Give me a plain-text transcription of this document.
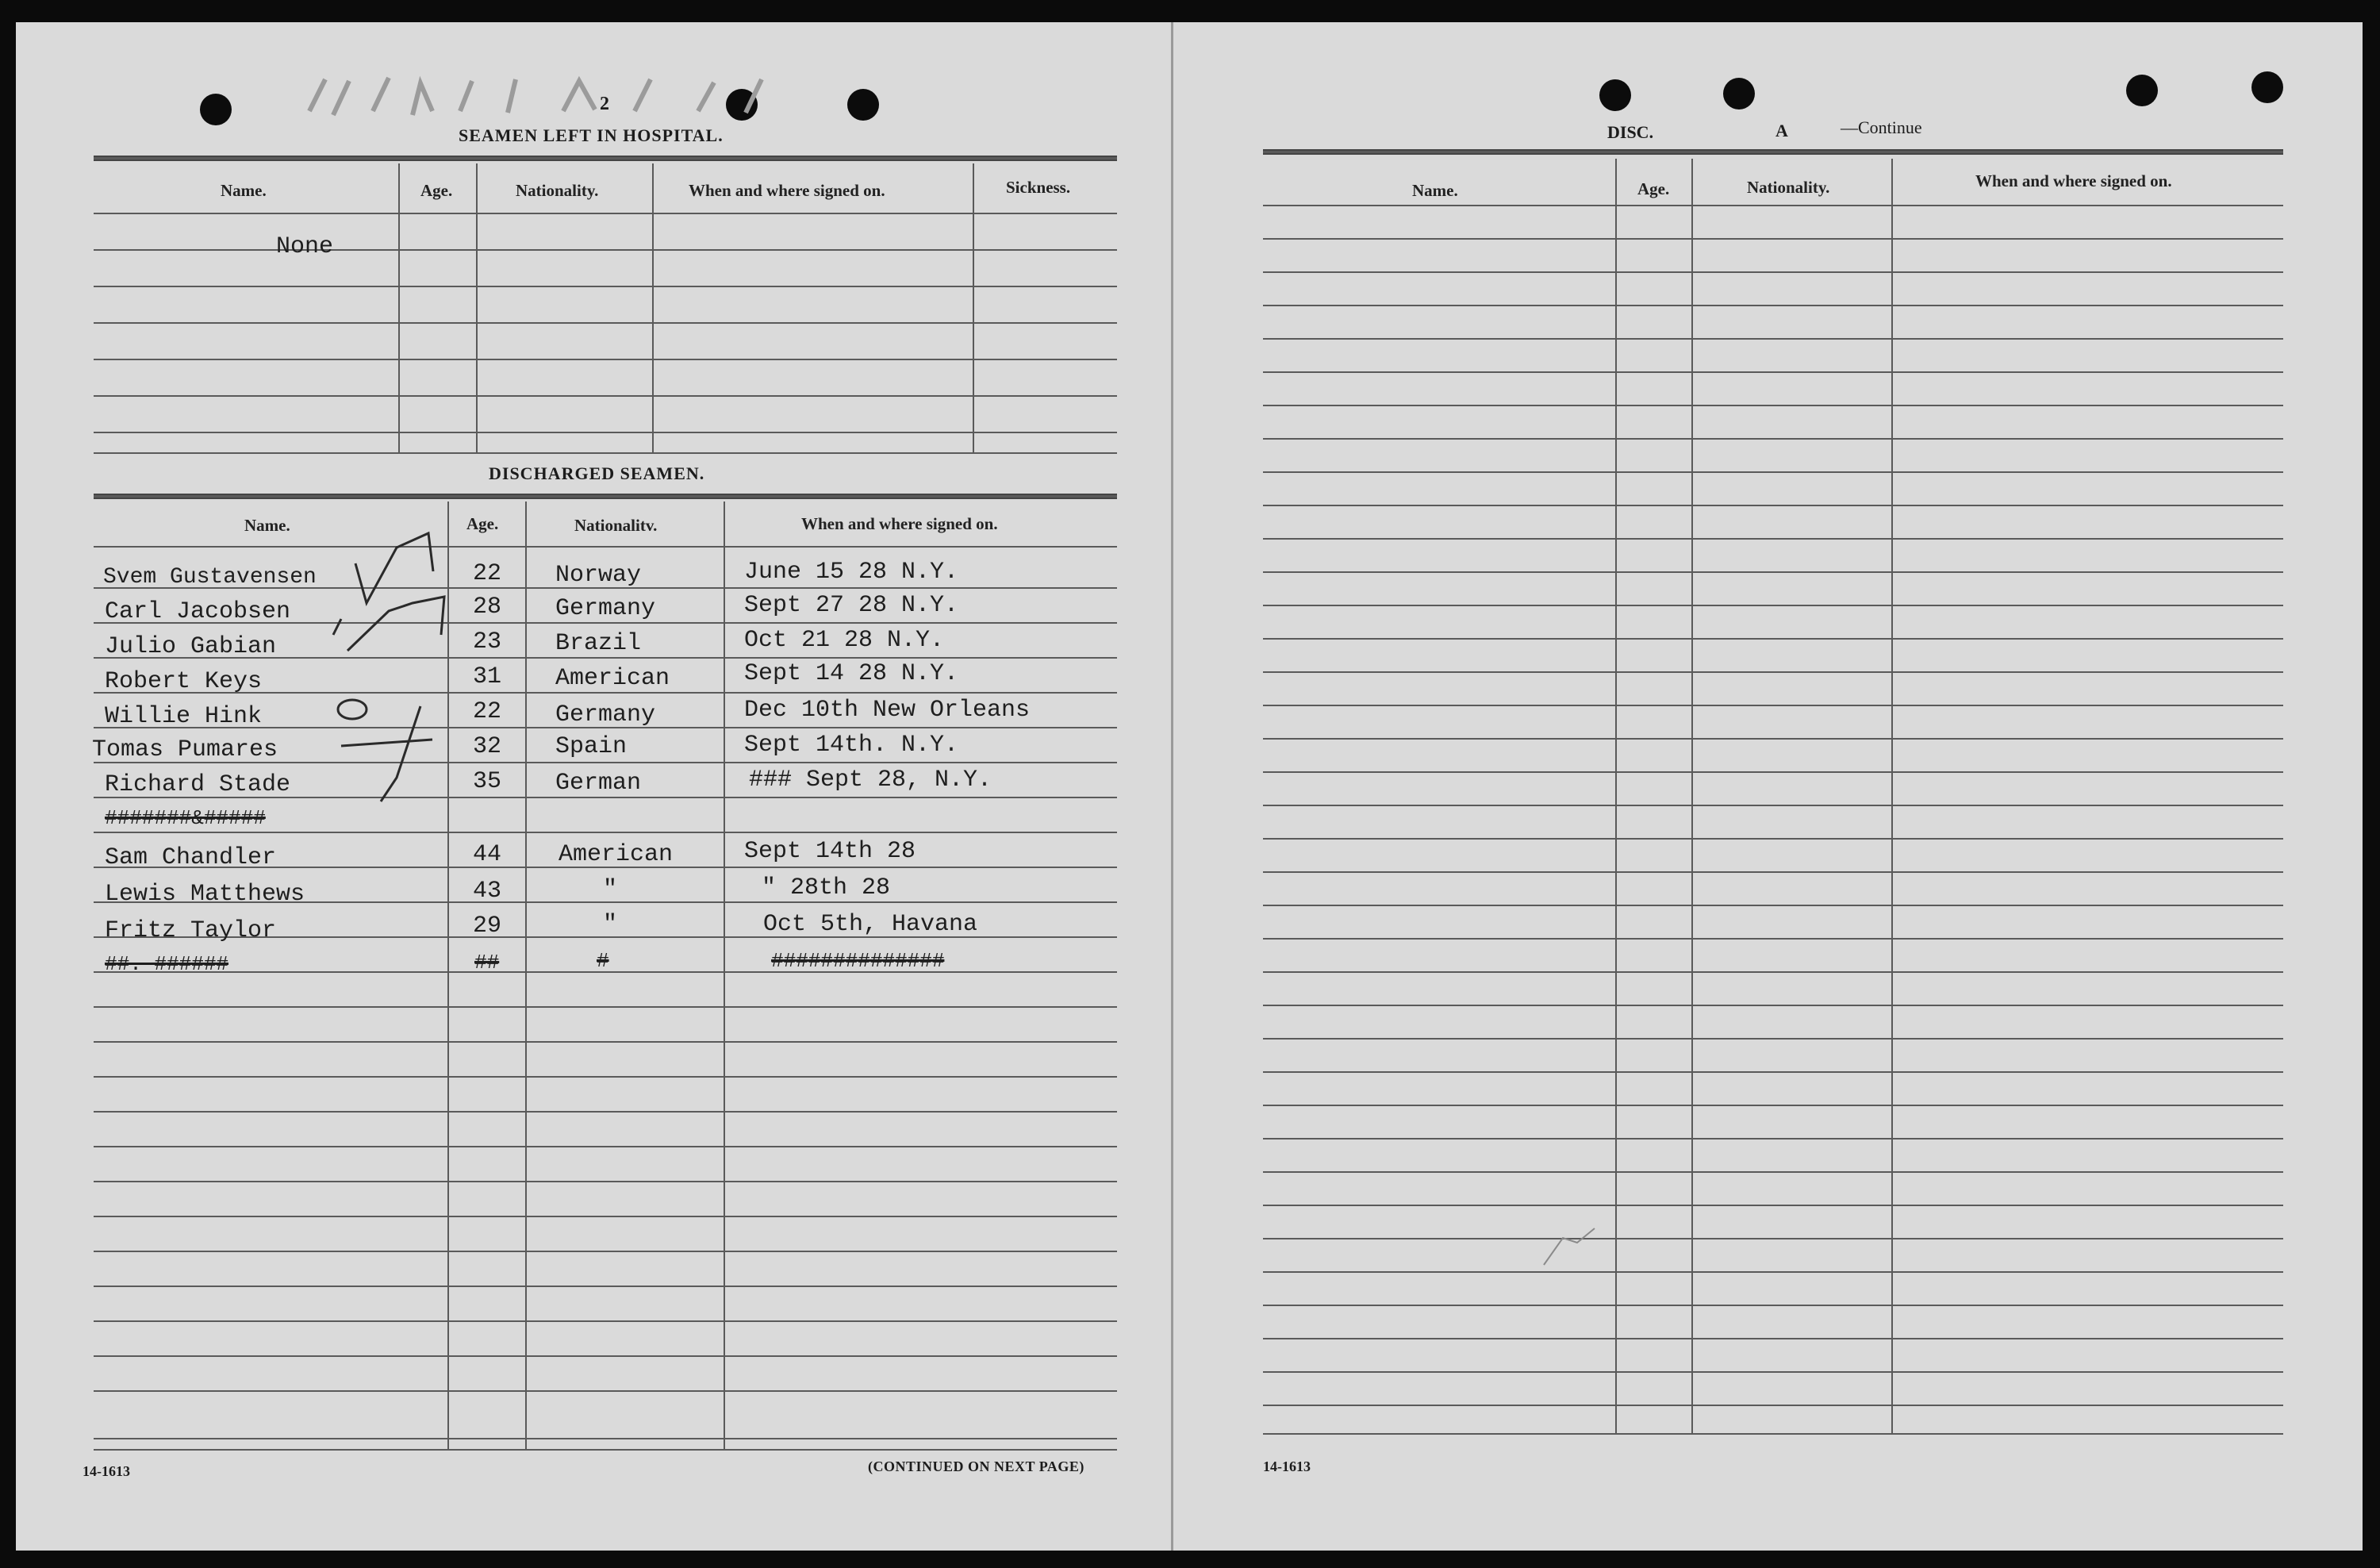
2
SEAMEN LEFT IN HOSPITAL.
Name.	Age.	Nationality.	When and where signed on.	Sickness.
None
DISCHARGED SEAMEN.
Name.	Age.	Nationalitv.	When and where signed on.
Svem Gustavensen	22 Norway	June 15 28 N.Y.
Carl Jacobsen	28 Germany	Sept 27 28 N.Y.
Julio Gabian	23 Brazil	Oct 21 28 N.Y.
Robert Keys	31 American	Sept 14 28 N.Y.
Willie Hink	22 Germany	Dec 10th New Orleans
Tomas Pumares	32 Spain	Sept 14th. N.Y.
Richard Stade	35 German	### Sept 28, N.Y.
#######&#####
Sam Chandler	44 American	Sept 14th 28
Lewis Matthews	43	"	" 28th 28
Fritz Taylor	29	"	Oct 5th, Havana
##. ######	##	#	##############
14-1613	(CONTINUED ON NEXT PAGE)
DISC.	A	—Continue
Name.	Age.	Nationality.	When and where signed on.
14-1613
